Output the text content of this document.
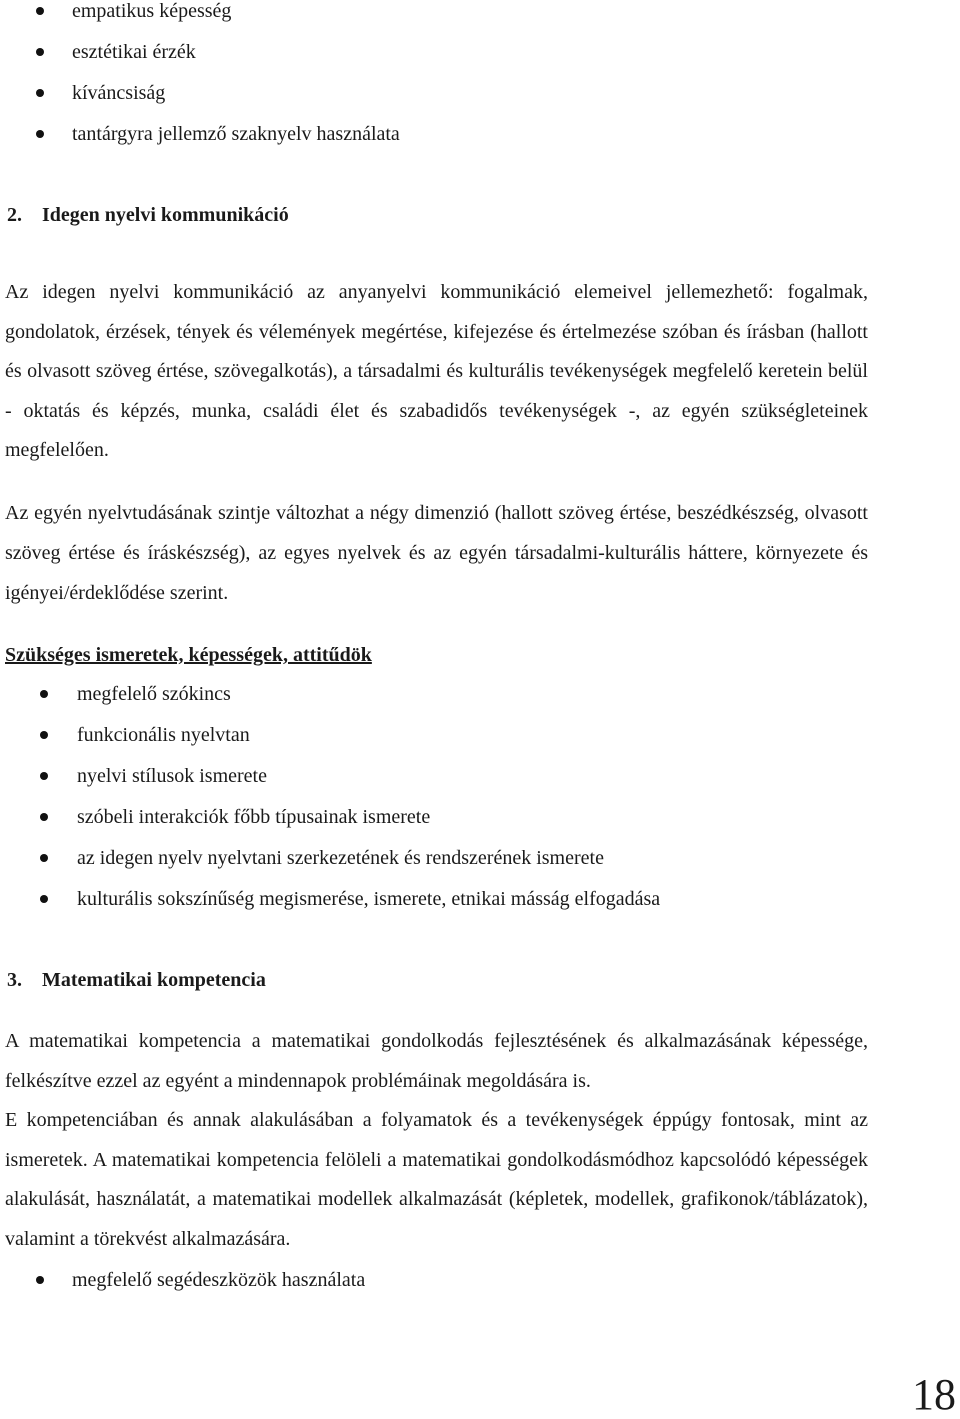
empatikus képesség
esztétikai érzék
kíváncsiság
tantárgyra jellemző szaknyelv használata
2. Idegen nyelvi kommunikáció

Az idegen nyelvi kommunikáció az anyanyelvi kommunikáció elemeivel jellemezhető: fogalmak, gondolatok, érzések, tények és vélemények megértése, kifejezése és értelmezése szóban és írásban (hallott és olvasott szöveg értése, szövegalkotás), a társadalmi és kulturális tevékenységek megfelelő keretein belül - oktatás és képzés, munka, családi élet és szabadidős tevékenységek -, az egyén szükségleteinek megfelelően.

Az egyén nyelvtudásának szintje változhat a négy dimenzió (hallott szöveg értése, beszédkészség, olvasott szöveg értése és íráskészség), az egyes nyelvek és az egyén társadalmi-kulturális háttere, környezete és igényei/érdeklődése szerint.

Szükséges ismeretek, képességek, attitűdök
megfelelő szókincs
funkcionális nyelvtan
nyelvi stílusok ismerete
szóbeli interakciók főbb típusainak ismerete
az idegen nyelv nyelvtani szerkezetének és rendszerének ismerete
kulturális sokszínűség megismerése, ismerete, etnikai másság elfogadása
3. Matematikai kompetencia

A matematikai kompetencia a matematikai gondolkodás fejlesztésének és alkalmazásának képessége, felkészítve ezzel az egyént a mindennapok problémáinak megoldására is.

E kompetenciában és annak alakulásában a folyamatok és a tevékenységek éppúgy fontosak, mint az ismeretek. A matematikai kompetencia felöleli a matematikai gondolkodásmódhoz kapcsolódó képességek alakulását, használatát, a matematikai modellek alkalmazását (képletek, modellek, grafikonok/táblázatok), valamint a törekvést alkalmazására.

megfelelő segédeszközök használata
18
